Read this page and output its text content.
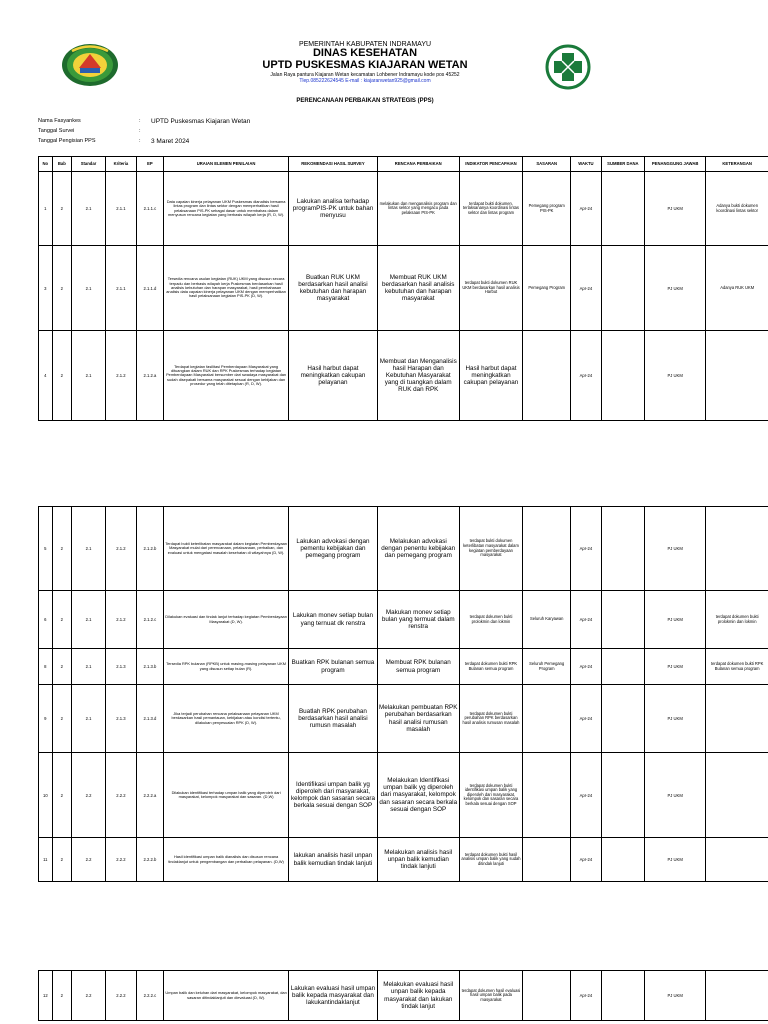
PEMERINTAH KABUPATEN INDRAMAYU
DINAS KESEHATAN
UPTD PUSKESMAS KIAJARAN WETAN
Jalan Raya pantura Kiajaran Wetan kecamatan Lohbener Indramayu kode pos 45252
Tlep.085222624545 E-mail : kiajaranwetan925@gmail.com
PERENCANAAN PERBAIKAN STRATEGIS (PPS)
Nama Fasyankes	: UPTD Puskesmas Kiajaran Wetan
Tanggal Survei	:
Tanggal Pengisian PPS	: 3 Maret 2024
No	Bab	Standar	Kriteria	EP	URAIAN ELEMEN PENILAIAN	REKOMENDASI HASIL SURVEY	RENCANA PERBAIKAN	INDIKATOR PENCAPAIAN	SASARAN	WAKTU	SUMBER DANA	PENANGGUNG JAWAB	KETERANGAN
1	2	2.1	2.1.1	2.1.1.c	Data capaian kinerja pelayanan UKM Puskesmas dianalisis bersama lintas program dan lintas sektor dengan memperhatikan hasil pelaksanaan PIS-PK sebagai dasar untuk membahas dalam menyusun rencana kegiatan yang berbasis wilayah kerja (R, D, W).	Lakukan analisa terhadap programPIS-PK untuk bahan menyusu	melakukan dan menganalisis program dan lintas sektor yang mengacu pada pelaksaan PIS-PK	terdapat bukti dokumen, terlaksananya koordinasi lintas sektor dan lintas program	Pemegang program PIS-PK	Apr-24		PJ UKM	Adanya bukti dokumen koordinasi lintas sektor
3	2	2.1	2.1.1	2.1.1.d	Tersedia rencana usulan kegiatan (RUK) UKM yang disusun secara terpadu dan berbasis wilayah kerja Puskesmas berdasarkan hasil analisis kebutuhan dan harapan masyarakat, hasil pembahasan analisis data capaian kinerja pelayanan UKM dengan memperhatikan hasil pelaksanaan kegiatan PIS-PK (D, W).	Buatkan RUK UKM berdasarkan hasil analisi kebutuhan dan harapan masyarakat	Membuat RUK UKM berdasarkan hasil analisis kebutuhan dan harapan masyarakat	terdapat bukti dokumen RUK UKM berdasarkan hasil analisis Harbut	Pemegang Program	Apr-24		PJ UKM	Adanya RUK UKM
4	2	2.1	2.1.2	2.1.2.a	Terdapat kegiatan fasilitasi Pemberdayaan Masyarakat yang dituangkan dalam RUK dan RPK Puskesmas terhadap kegiatan Pemberdayaan Masyarakat bersumber dari swadaya masyarakat dan sudah disepakati bersama masyarakat sesuai dengan kebijakan dan prosedur yang telah ditetapkan (R, D, W).	Hasil harbut dapat meningkatkan cakupan pelayanan	Membuat dan Menganalisis hasil Harapan dan Kebutuhan Masyarakat yang di tuangkan dalam RUK dan RPK	Hasil harbut dapat meningkatkan cakupan pelayanan		Apr-24		PJ UKM	
5	2	2.1	2.1.2	2.1.2.b	Terdapat bukti keterlibatan masyarakat dalam kegiatan Pemberdayaan Masyarakat mulai dari perencanaan, pelaksanaan, perbaikan, dan evaluasi untuk mengatasi masalah kesehatan di wilayahnya (D, W).	Lakukan advokasi dengan pementu kebijakan dan pemegang program	Melakukan advokasi dengan penentu kebijakan dan pemegang program	terdapat bukti dokumen keterlibatan masyarakat dalam kegiatan pemberdayaan masyarakat		Apr-24		PJ UKM	
6	2	2.1	2.1.2	2.1.2.c	Dilakukan evaluasi dan tindak lanjut terhadap kegiatan Pemberdayaan Masyarakat (D, W).	Lakukan monev setiap bulan yang ternuat dk renstra	Makukan monev setiap bulan yang termuat dalam renstra	terdapat dokumen bukti prolokmin dan lokmin	Seluruh Karyawan	Apr-24		PJ UKM	terdapat dokumen bukti prolokmin dan lokmin
8	2	2.1	2.1.3	2.1.3.b	Tersedia RPK bulanan (RPKB) untuk masing-masing pelayanan UKM yang disusun setiap bulan (R).	Buatkan RPK bulanan semua program	Membuat RPK bulanan semua program	terdapat dokumen bukti RPK Bulanan semua program	Seluruh Pemegang Program	Apr-24		PJ UKM	terdapat dokumen bukti RPK Bulanan semua program
9	2	2.1	2.1.3	2.1.3.d	Jika terjadi perubahan rencana pelaksanaan pelayanan UKM berdasarkan hasil pemantauan, kebijakan atau kondisi tertentu, dilakukan penyesuaian RPK (D, W).	Buatlah RPK perubahan berdasarkan hasil analisi rumusn masalah	Melakukan pembuatan RPK perubahan berdasarkan hasil analisi rumusan masalah	terdapat dokumen bukti perubahan RPK berdasarkan hasil analisis rumusan masalah		Apr-24		PJ UKM	
10	2	2.2	2.2.2	2.2.2.a	Dilakukan identifikasi terhadap umpan balik yang diperoleh dari masyarakat, kelompok masyarakat dan sasaran. (D,W)	Identifikasi umpan balik yg diperoleh dari masyarakat, kelompok dan sasaran secara berkala sesuai dengan SOP	Melakukan Identifikasi umpan balik yg diperoleh dari masyarakat, kelompok dan sasaran secara berkala sesuai dengan SOP	terdapat dokumen bukti identifikasi umpan balik yang diperoleh dari masyarakat, kelompok dan sasaran secara berkala sesuai dengan SOP		Apr-24		PJ UKM	
11	2	2.2	2.2.2	2.2.2.b	Hasil identifikasi umpan balik dianalisis dan disusun rencana tindaklanjut untuk pengembangan dan perbaikan pelayanan. (D,W)	lakukan analisis hasil unpan balik kemudian tindak lanjuti	Melakukan analisis hasil unpan balik kemudian tindak lanjuti	terdapat dokumen bukti hasil analisis umpan balik yang sudah ditindak lanjuti		Apr-24		PJ UKM	
12	2	2.2	2.2.2	2.2.2.c	Umpan balik dan keluhan dari masyarakat, kelompok masyarakat, dan sasaran ditindaklanjuti dan dievaluasi (D, W).	Lakukan evaluasi hasil umpan balik kepada masyarakat dan lakukantindaklanjut	Melakukan evaluasi hasil unpan balik kepada masyarakat dan lakukan tindak lanjut	terdapat dokumen hasil evaluasi hasil umpan balik pada masyarakat		Apr-24		PJ UKM	
